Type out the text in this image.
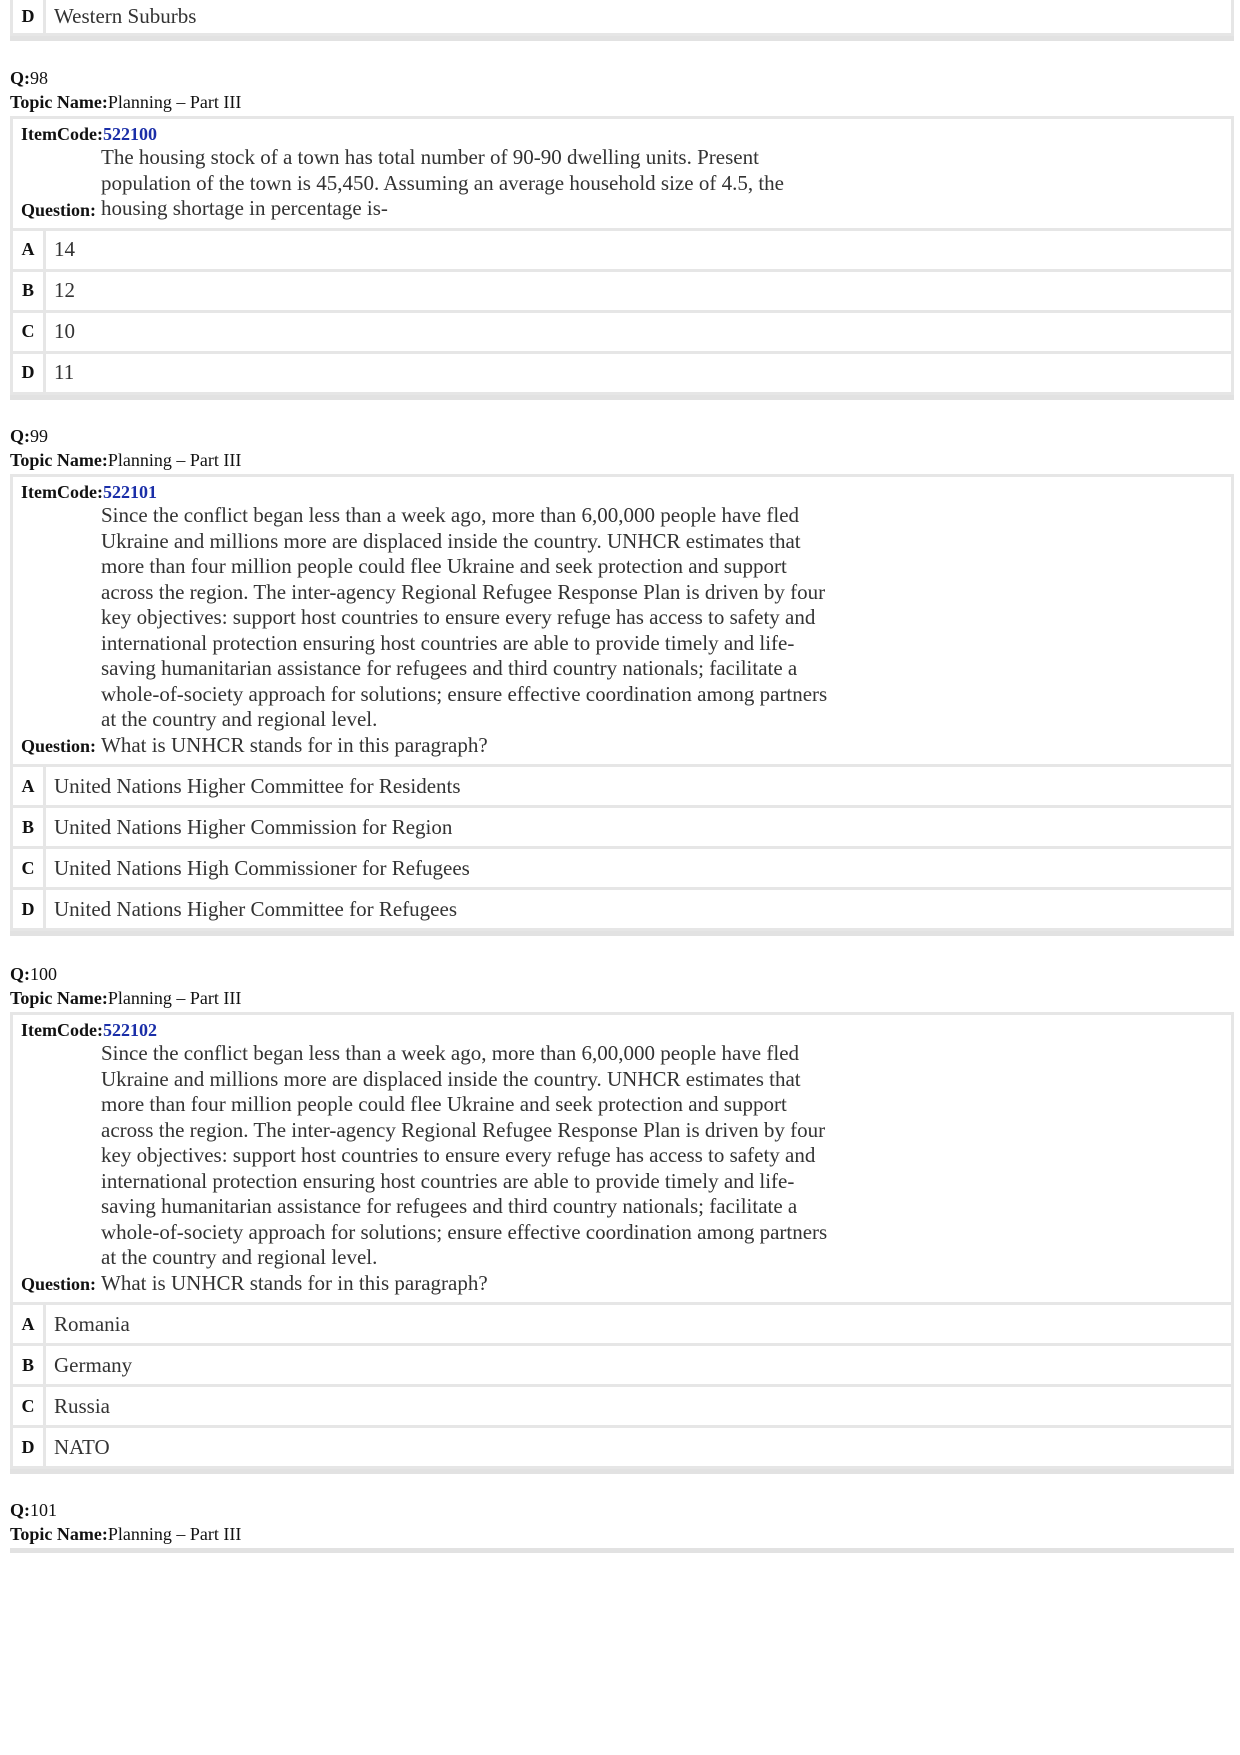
D Western Suburbs
Q:98
Topic Name:Planning – Part III
ItemCode:522100
Question:
The housing stock of a town has total number of 90-90 dwelling units. Present population of the town is 45,450. Assuming an average household size of 4.5, the housing shortage in percentage is-
A 14
B 12
C 10
D 11
Q:99
Topic Name:Planning – Part III
ItemCode:522101
Since the conflict began less than a week ago, more than 6,00,000 people have fled Ukraine and millions more are displaced inside the country. UNHCR estimates that more than four million people could flee Ukraine and seek protection and support across the region. The inter-agency Regional Refugee Response Plan is driven by four key objectives: support host countries to ensure every refuge has access to safety and international protection ensuring host countries are able to provide timely and life-saving humanitarian assistance for refugees and third country nationals; facilitate a whole-of-society approach for solutions; ensure effective coordination among partners at the country and regional level.
Question: What is UNHCR stands for in this paragraph?
A United Nations Higher Committee for Residents
B United Nations Higher Commission for Region
C United Nations High Commissioner for Refugees
D United Nations Higher Committee for Refugees
Q:100
Topic Name:Planning – Part III
ItemCode:522102
Since the conflict began less than a week ago, more than 6,00,000 people have fled Ukraine and millions more are displaced inside the country. UNHCR estimates that more than four million people could flee Ukraine and seek protection and support across the region. The inter-agency Regional Refugee Response Plan is driven by four key objectives: support host countries to ensure every refuge has access to safety and international protection ensuring host countries are able to provide timely and life-saving humanitarian assistance for refugees and third country nationals; facilitate a whole-of-society approach for solutions; ensure effective coordination among partners at the country and regional level.
Question: What is UNHCR stands for in this paragraph?
A Romania
B Germany
C Russia
D NATO
Q:101
Topic Name:Planning – Part III
